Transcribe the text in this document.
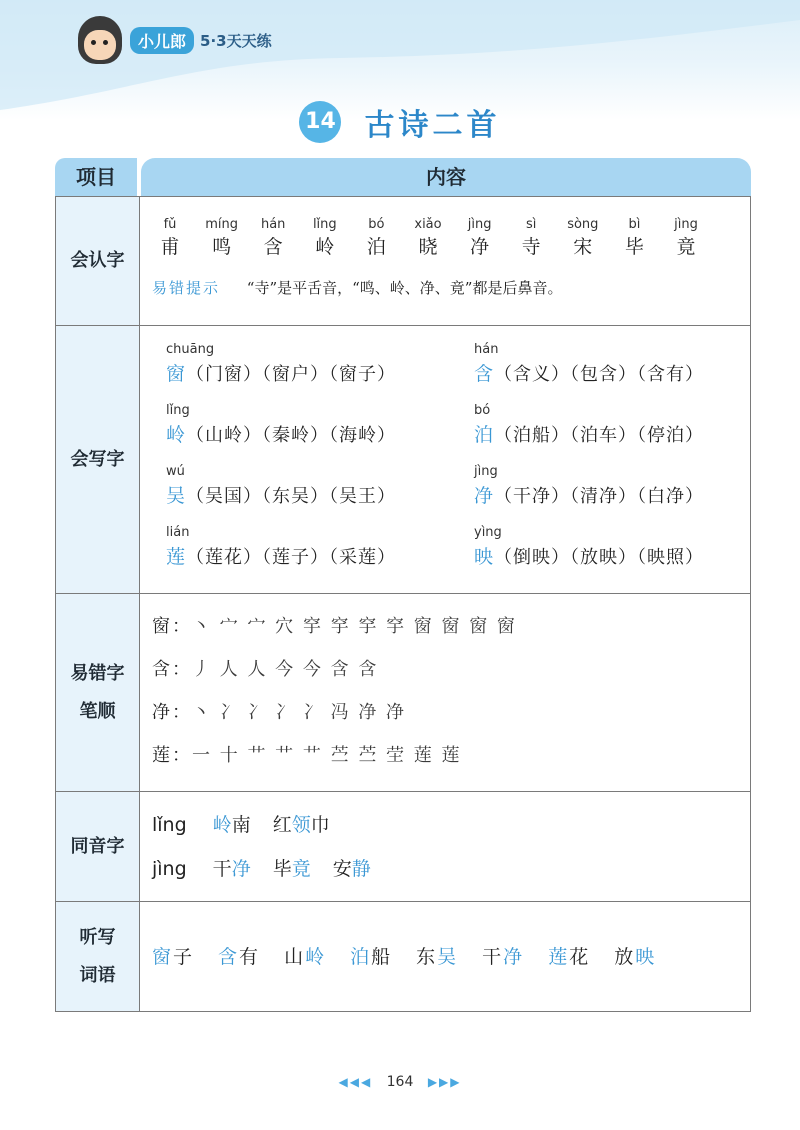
小儿郎 5·3天天练
14 古诗二首
项目	内容
会认字
fǔ
甫
míng
鸣
hán
含
lǐng
岭
bó
泊
xiǎo
晓
jìng
净
sì
寺
sòng
宋
bì
毕
jìng
竟
易错提示 “寺”是平舌音，“鸣、岭、净、竟”都是后鼻音。
会写字
chuāng
窗（门窗）（窗户）（窗子）
hán
含（含义）（包含）（含有）
lǐng
岭（山岭）（秦岭）（海岭）
bó
泊（泊船）（泊车）（停泊）
wú
吴（吴国）（东吴）（吴王）
jìng
净（干净）（清净）（白净）
lián
莲（莲花）（莲子）（采莲）
yìng
映（倒映）（放映）（映照）
易错字
笔顺
窗：丶 宀 宀 穴 穻 穻 穻 穻 窗 窗 窗 窗
含：丿 人 人 今 今 含 含
净：丶 冫 冫 冫 冫 冯 净 净
莲：一 十 艹 艹 艹 苎 苎 茔 莲 莲
同音字
lǐng 岭南 红领巾
jìng 干净 毕竟 安静
听写
词语
窗子 含有 山岭 泊船 东吴 干净 莲花 放映
◀◀◀ 164 ▶▶▶
